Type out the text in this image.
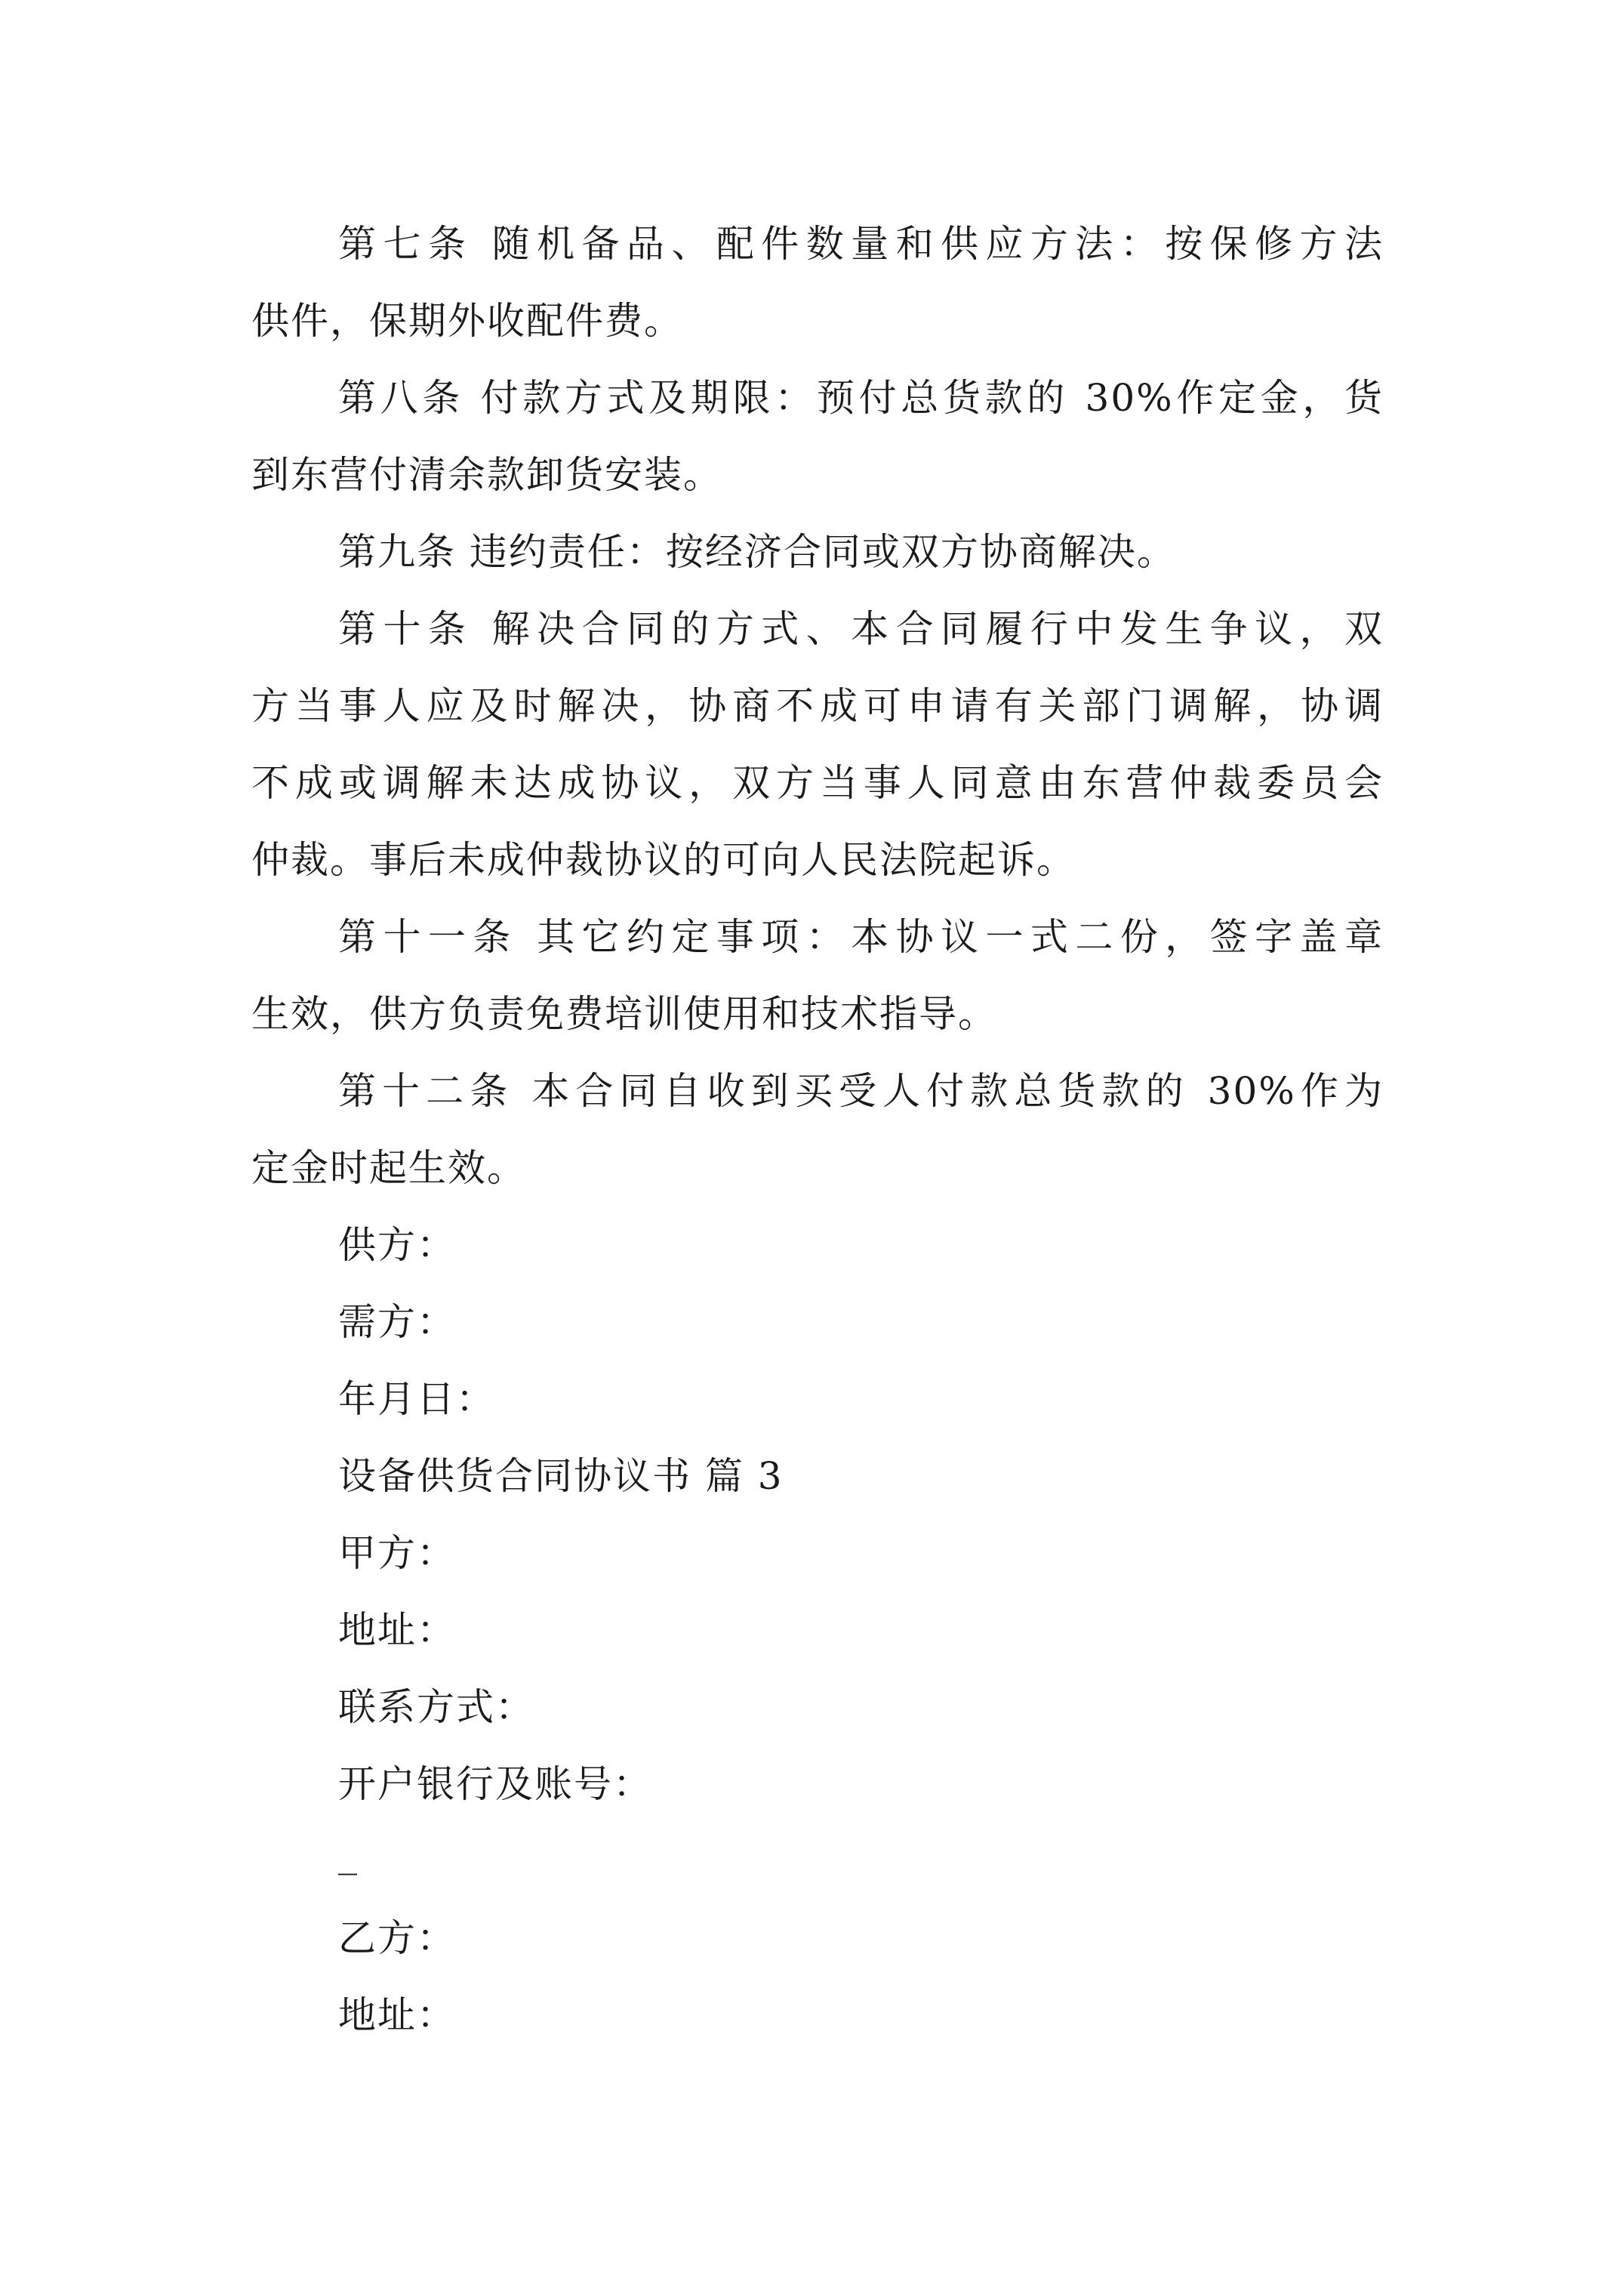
第七条 随机备品、配件数量和供应方法：按保修方法
供件，保期外收配件费。
第八条 付款方式及期限：预付总货款的 30%作定金，货
到东营付清余款卸货安装。
第九条 违约责任：按经济合同或双方协商解决。
第十条 解决合同的方式、本合同履行中发生争议，双
方当事人应及时解决，协商不成可申请有关部门调解，协调
不成或调解未达成协议，双方当事人同意由东营仲裁委员会
仲裁。事后未成仲裁协议的可向人民法院起诉。
第十一条 其它约定事项：本协议一式二份，签字盖章
生效，供方负责免费培训使用和技术指导。
第十二条 本合同自收到买受人付款总货款的 30%作为
定金时起生效。
供方：
需方：
年月日：
设备供货合同协议书 篇 3
甲方：
地址：
联系方式：
开户银行及账号：
_
乙方：
地址：
